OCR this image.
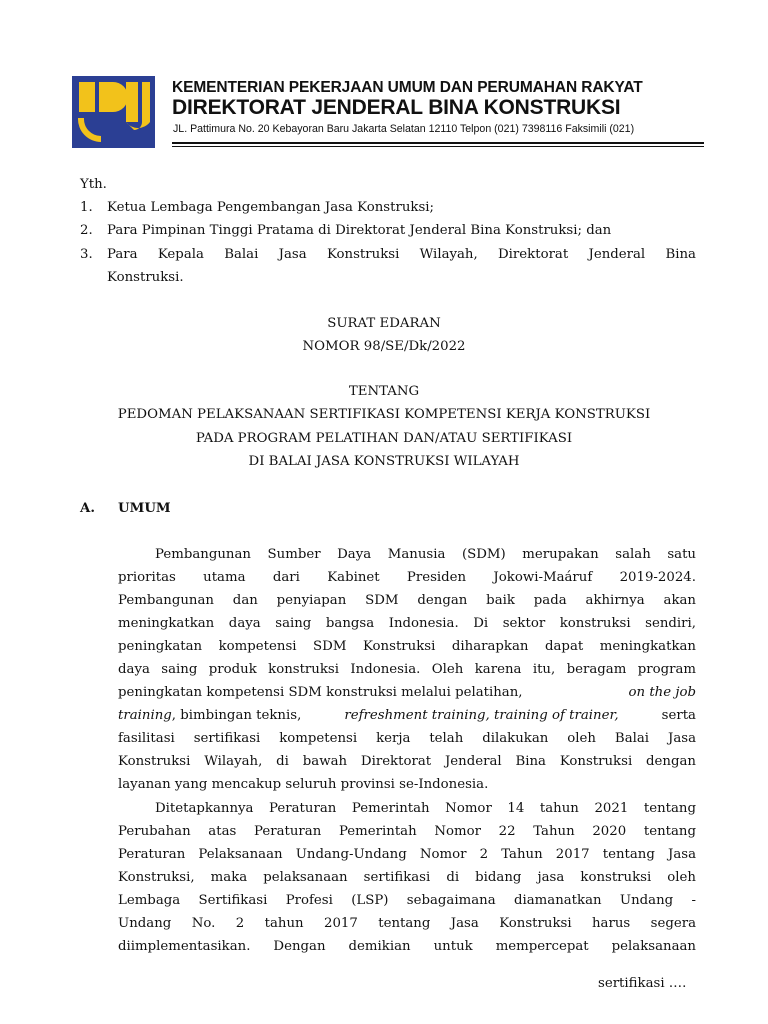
KEMENTERIAN PEKERJAAN UMUM DAN PERUMAHAN RAKYAT
DIREKTORAT JENDERAL BINA KONSTRUKSI
JL. Pattimura No. 20 Kebayoran Baru Jakarta Selatan 12110 Telpon (021) 7398116 Faksimili (021)
Yth.
1.	Ketua Lembaga Pengembangan Jasa Konstruksi;
2.	Para Pimpinan Tinggi Pratama di Direktorat Jenderal Bina Konstruksi; dan
3.	Para Kepala Balai Jasa Konstruksi Wilayah, Direktorat Jenderal Bina
Konstruksi.
SURAT EDARAN
NOMOR 98/SE/Dk/2022
TENTANG
PEDOMAN PELAKSANAAN SERTIFIKASI KOMPETENSI KERJA KONSTRUKSI
PADA PROGRAM PELATIHAN DAN/ATAU SERTIFIKASI
DI BALAI JASA KONSTRUKSI WILAYAH
A. UMUM
Pembangunan Sumber Daya Manusia (SDM) merupakan salah satu
prioritas utama dari Kabinet Presiden Jokowi-Maáruf 2019-2024.
Pembangunan dan penyiapan SDM dengan baik pada akhirnya akan
meningkatkan daya saing bangsa Indonesia. Di sektor konstruksi sendiri,
peningkatan kompetensi SDM Konstruksi diharapkan dapat meningkatkan
daya saing produk konstruksi Indonesia. Oleh karena itu, beragam program
peningkatan kompetensi SDM konstruksi melalui pelatihan,	on the job
training, bimbingan teknis,	refreshment training, training of trainer,	serta
fasilitasi sertifikasi kompetensi kerja telah dilakukan oleh Balai Jasa
Konstruksi Wilayah, di bawah Direktorat Jenderal Bina Konstruksi dengan
layanan yang mencakup seluruh provinsi se-Indonesia.
Ditetapkannya Peraturan Pemerintah Nomor 14 tahun 2021 tentang
Perubahan atas Peraturan Pemerintah Nomor 22 Tahun 2020 tentang
Peraturan Pelaksanaan Undang-Undang Nomor 2 Tahun 2017 tentang Jasa
Konstruksi, maka pelaksanaan sertifikasi di bidang jasa konstruksi oleh
Lembaga Sertifikasi Profesi (LSP) sebagaimana diamanatkan Undang -
Undang No. 2 tahun 2017 tentang Jasa Konstruksi harus segera
diimplementasikan. Dengan demikian untuk mempercepat pelaksanaan
sertifikasi ….
